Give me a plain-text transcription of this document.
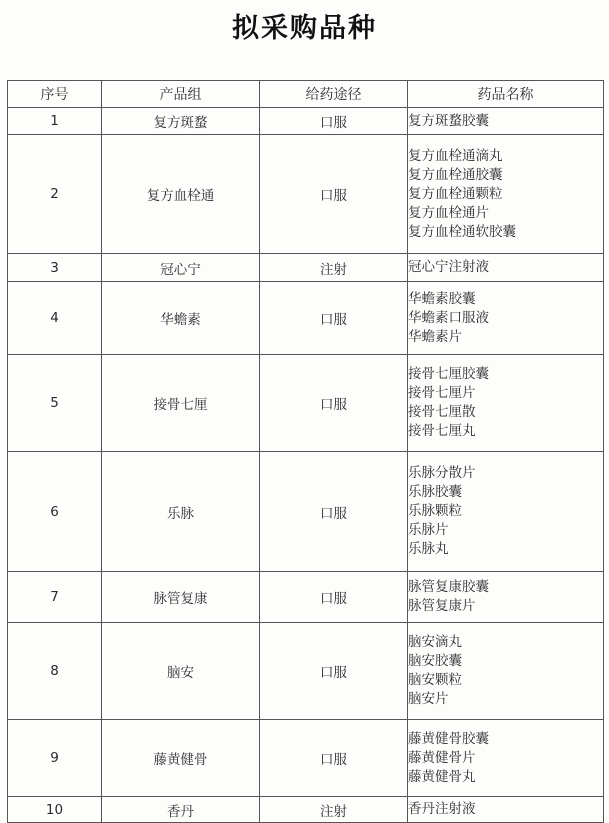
拟采购品种
序号	产品组	给药途径	药品名称
1	复方斑蝥	口服	复方斑蝥胶囊

2	复方血栓通	口服	复方血栓通滴丸
复方血栓通胶囊
复方血栓通颗粒
复方血栓通片
复方血栓通软胶囊

3	冠心宁	注射	冠心宁注射液

4	华蟾素	口服	华蟾素胶囊
华蟾素口服液
华蟾素片

5	接骨七厘	口服	接骨七厘胶囊
接骨七厘片
接骨七厘散
接骨七厘丸

6	乐脉	口服	乐脉分散片
乐脉胶囊
乐脉颗粒
乐脉片
乐脉丸

7	脉管复康	口服	脉管复康胶囊
脉管复康片

8	脑安	口服	脑安滴丸
脑安胶囊
脑安颗粒
脑安片

9	藤黄健骨	口服	藤黄健骨胶囊
藤黄健骨片
藤黄健骨丸

10	香丹	注射	香丹注射液
